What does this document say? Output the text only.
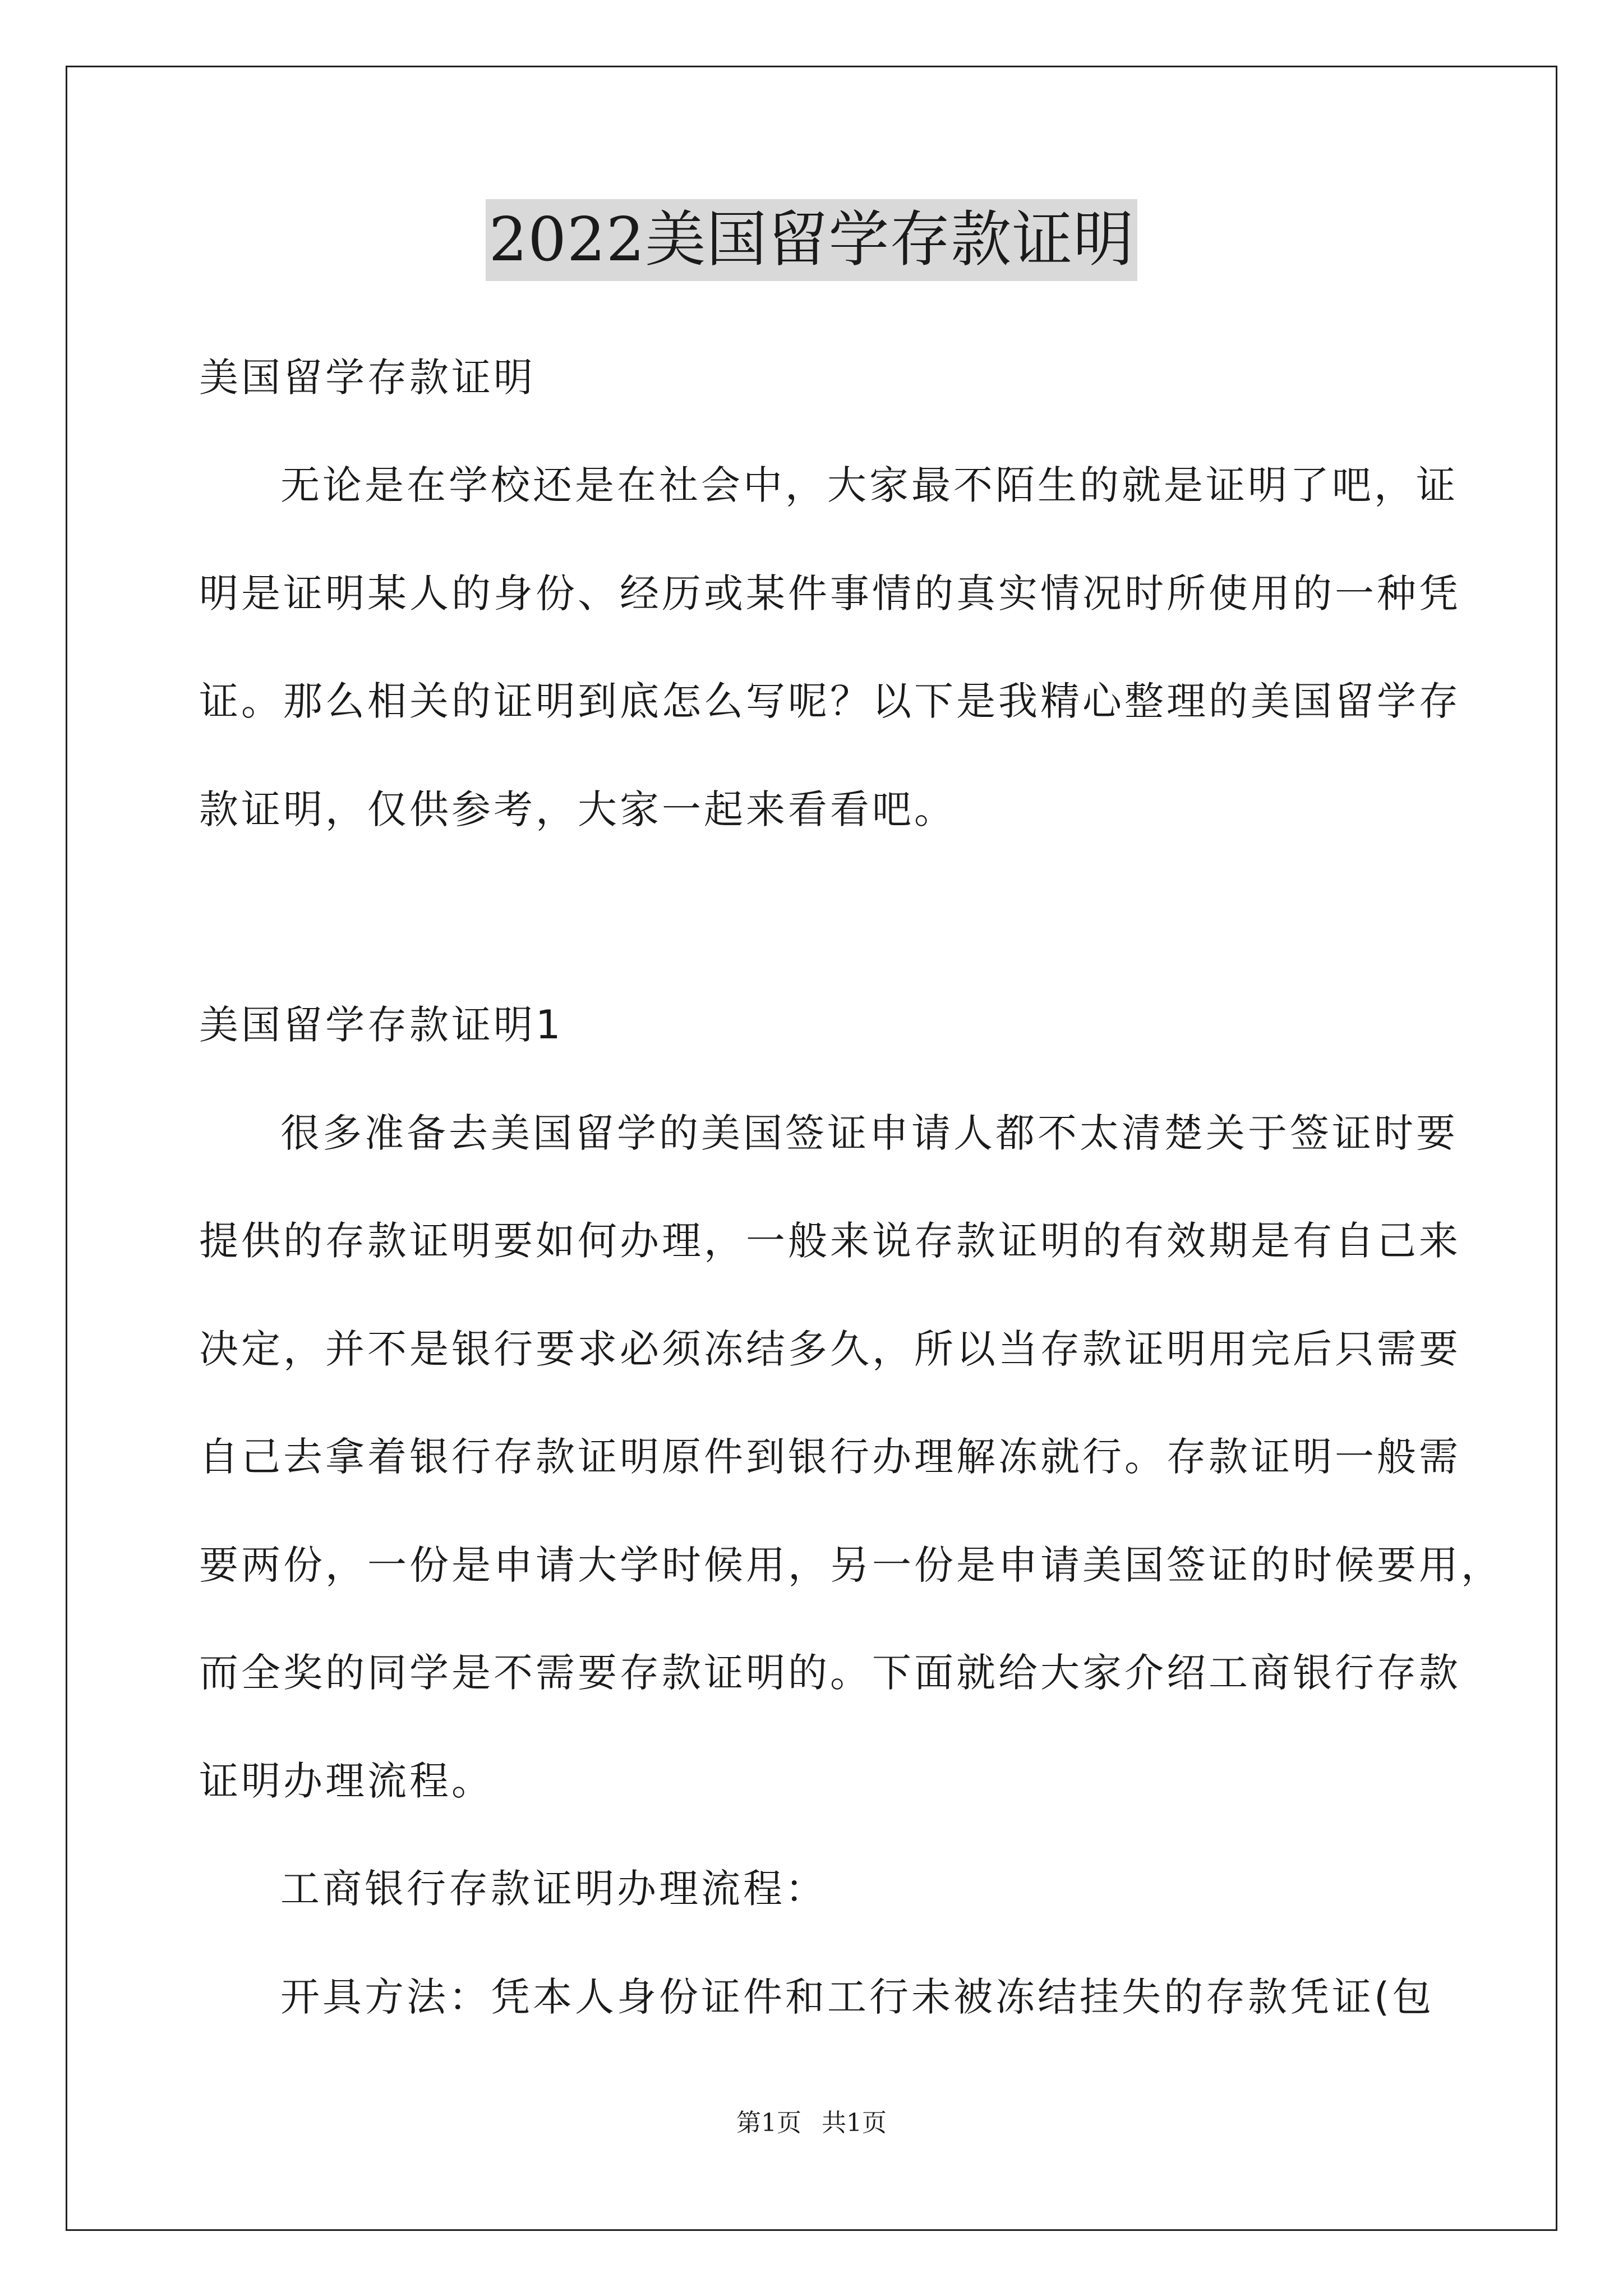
2022美国留学存款证明
美国留学存款证明
无论是在学校还是在社会中，大家最不陌生的就是证明了吧，证
明是证明某人的身份、经历或某件事情的真实情况时所使用的一种凭
证。那么相关的证明到底怎么写呢？以下是我精心整理的美国留学存
款证明，仅供参考，大家一起来看看吧。
美国留学存款证明1
很多准备去美国留学的美国签证申请人都不太清楚关于签证时要
提供的存款证明要如何办理，一般来说存款证明的有效期是有自己来
决定，并不是银行要求必须冻结多久，所以当存款证明用完后只需要
自己去拿着银行存款证明原件到银行办理解冻就行。存款证明一般需
要两份，一份是申请大学时候用，另一份是申请美国签证的时候要用，
而全奖的同学是不需要存款证明的。下面就给大家介绍工商银行存款
证明办理流程。
工商银行存款证明办理流程：
开具方法：凭本人身份证件和工行未被冻结挂失的存款凭证(包
第1页 共1页
